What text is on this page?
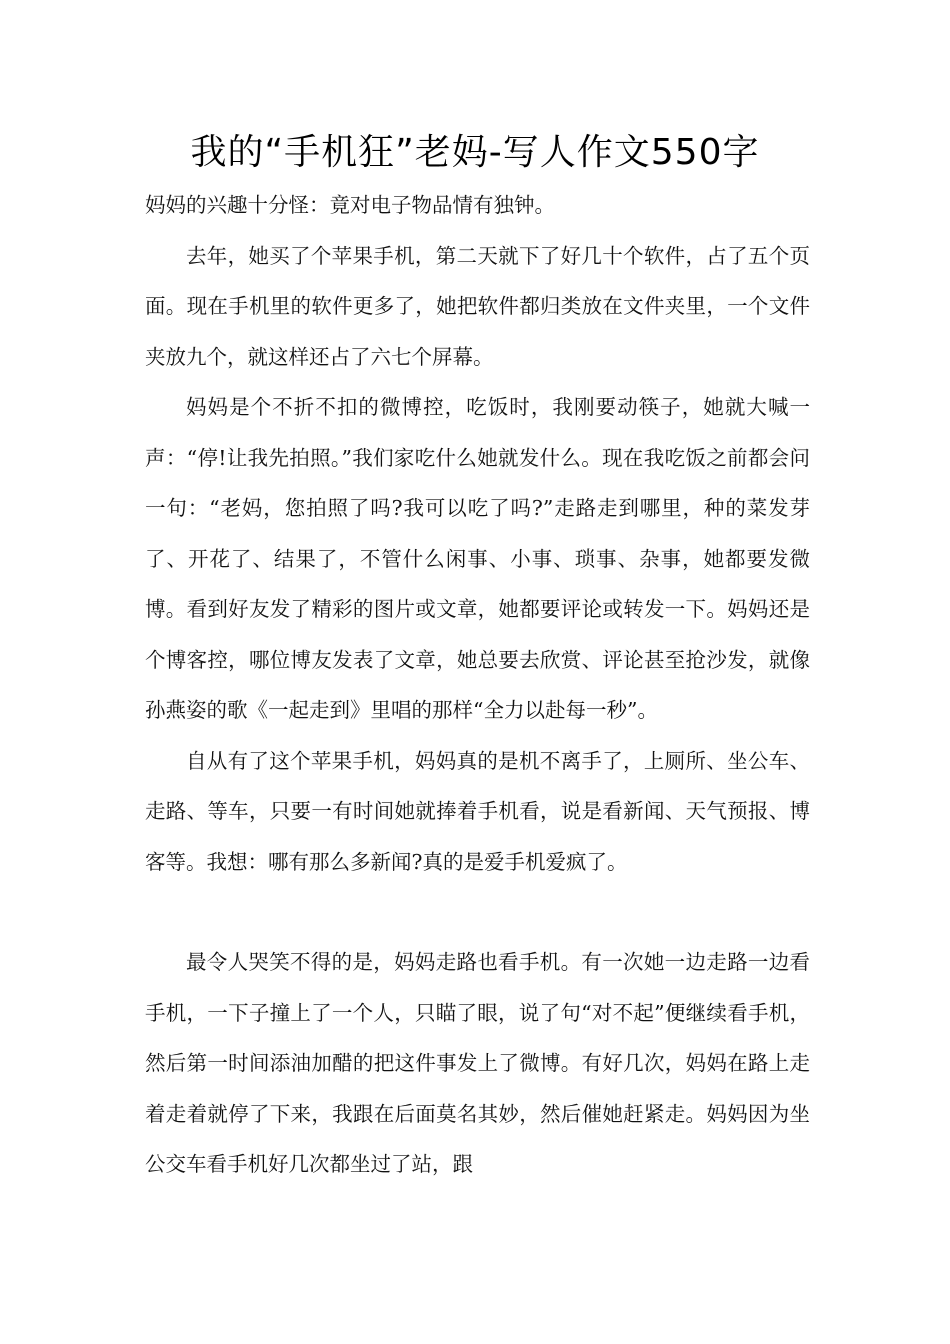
我的“手机狂”老妈-写人作文550字

妈妈的兴趣十分怪：竟对电子物品情有独钟。

去年，她买了个苹果手机，第二天就下了好几十个软件，占了五个页面。现在手机里的软件更多了，她把软件都归类放在文件夹里，一个文件夹放九个，就这样还占了六七个屏幕。

妈妈是个不折不扣的微博控，吃饭时，我刚要动筷子，她就大喊一声：“停!让我先拍照。”我们家吃什么她就发什么。现在我吃饭之前都会问一句：“老妈，您拍照了吗?我可以吃了吗?”走路走到哪里，种的菜发芽了、开花了、结果了，不管什么闲事、小事、琐事、杂事，她都要发微博。看到好友发了精彩的图片或文章，她都要评论或转发一下。妈妈还是个博客控，哪位博友发表了文章，她总要去欣赏、评论甚至抢沙发，就像孙燕姿的歌《一起走到》里唱的那样“全力以赴每一秒”。

自从有了这个苹果手机，妈妈真的是机不离手了，上厕所、坐公车、走路、等车，只要一有时间她就捧着手机看，说是看新闻、天气预报、博客等。我想：哪有那么多新闻?真的是爱手机爱疯了。

最令人哭笑不得的是，妈妈走路也看手机。有一次她一边走路一边看手机，一下子撞上了一个人，只瞄了眼，说了句“对不起”便继续看手机，然后第一时间添油加醋的把这件事发上了微博。有好几次，妈妈在路上走着走着就停了下来，我跟在后面莫名其妙，然后催她赶紧走。妈妈因为坐公交车看手机好几次都坐过了站，跟
